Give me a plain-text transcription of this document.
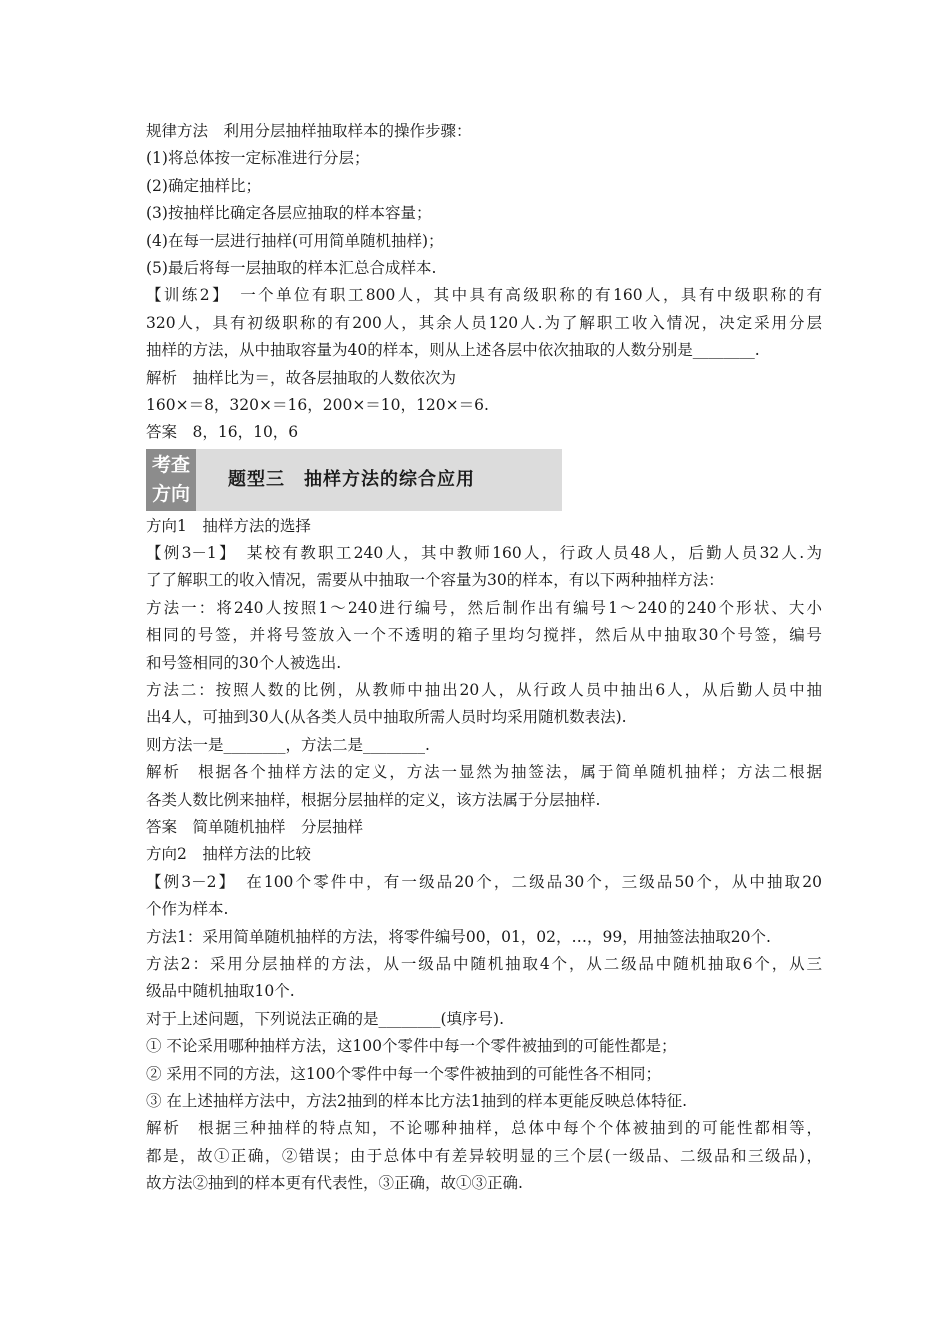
规律方法　利用分层抽样抽取样本的操作步骤：
(1)将总体按一定标准进行分层；
(2)确定抽样比；
(3)按抽样比确定各层应抽取的样本容量；
(4)在每一层进行抽样(可用简单随机抽样)；
(5)最后将每一层抽取的样本汇总合成样本.
【训练2】　一个单位有职工800人，其中具有高级职称的有160人，具有中级职称的有
320人，具有初级职称的有200人，其余人员120人.为了解职工收入情况，决定采用分层
抽样的方法，从中抽取容量为40的样本，则从上述各层中依次抽取的人数分别是________.
解析　抽样比为＝，故各层抽取的人数依次为
160×＝8，320×＝16，200×＝10，120×＝6.
答案　8，16，10，6
考查
方向
题型三　抽样方法的综合应用
方向1　抽样方法的选择
【例3－1】　某校有教职工240人，其中教师160人，行政人员48人，后勤人员32人.为
了了解职工的收入情况，需要从中抽取一个容量为30的样本，有以下两种抽样方法：
方法一：将240人按照1～240进行编号，然后制作出有编号1～240的240个形状、大小
相同的号签，并将号签放入一个不透明的箱子里均匀搅拌，然后从中抽取30个号签，编号
和号签相同的30个人被选出.
方法二：按照人数的比例，从教师中抽出20人，从行政人员中抽出6人，从后勤人员中抽
出4人，可抽到30人(从各类人员中抽取所需人员时均采用随机数表法).
则方法一是________，方法二是________.
解析　根据各个抽样方法的定义，方法一显然为抽签法，属于简单随机抽样；方法二根据
各类人数比例来抽样，根据分层抽样的定义，该方法属于分层抽样.
答案　简单随机抽样　分层抽样
方向2　抽样方法的比较
【例3－2】　在100个零件中，有一级品20个，二级品30个，三级品50个，从中抽取20
个作为样本.
方法1：采用简单随机抽样的方法，将零件编号00，01，02，…，99，用抽签法抽取20个.
方法2：采用分层抽样的方法，从一级品中随机抽取4个，从二级品中随机抽取6个，从三
级品中随机抽取10个.
对于上述问题，下列说法正确的是________(填序号).
① 不论采用哪种抽样方法，这100个零件中每一个零件被抽到的可能性都是；
② 采用不同的方法，这100个零件中每一个零件被抽到的可能性各不相同；
③ 在上述抽样方法中，方法2抽到的样本比方法1抽到的样本更能反映总体特征.
解析　根据三种抽样的特点知，不论哪种抽样，总体中每个个体被抽到的可能性都相等，
都是，故①正确，②错误；由于总体中有差异较明显的三个层(一级品、二级品和三级品)，
故方法②抽到的样本更有代表性，③正确，故①③正确.
